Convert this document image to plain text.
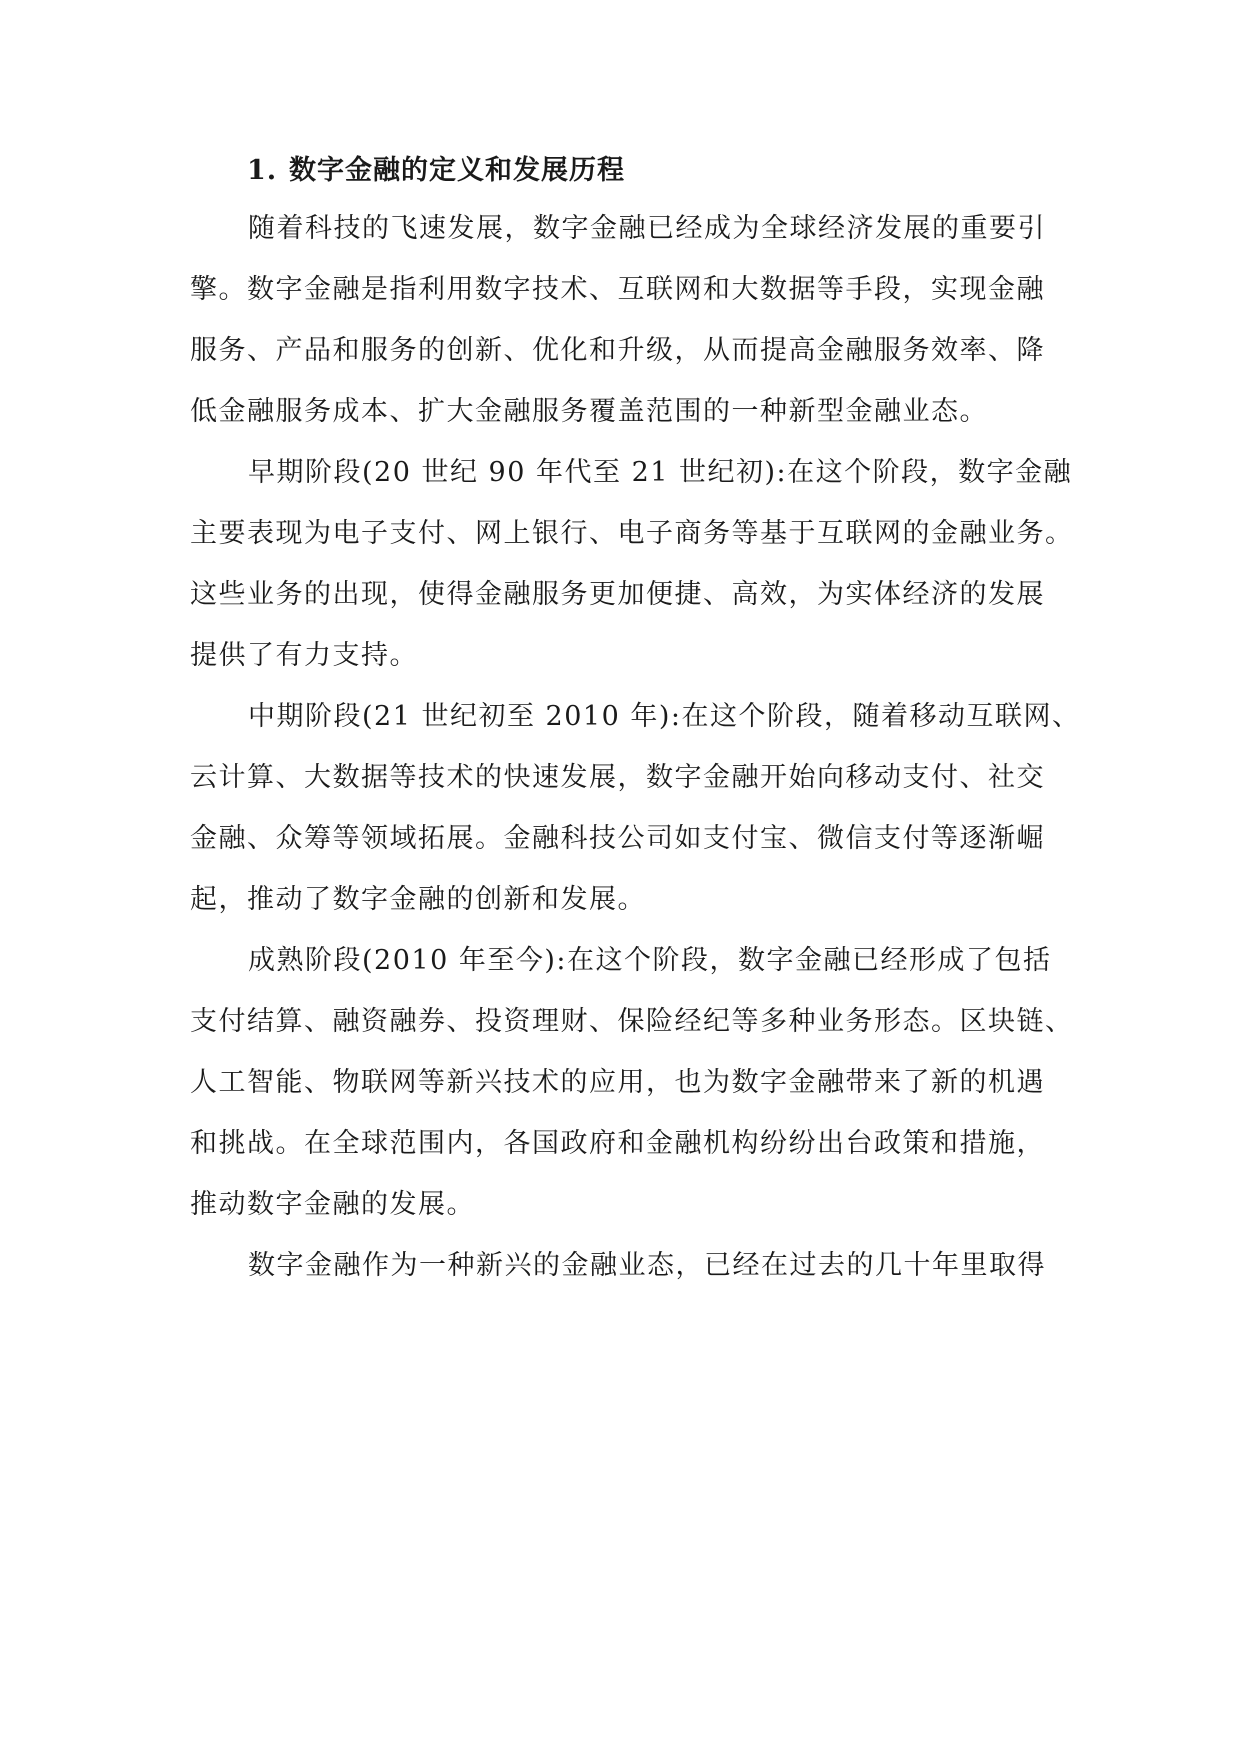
1. 数字金融的定义和发展历程
随着科技的飞速发展，数字金融已经成为全球经济发展的重要引
擎。数字金融是指利用数字技术、互联网和大数据等手段，实现金融
服务、产品和服务的创新、优化和升级，从而提高金融服务效率、降
低金融服务成本、扩大金融服务覆盖范围的一种新型金融业态。
早期阶段(20 世纪 90 年代至 21 世纪初):在这个阶段，数字金融
主要表现为电子支付、网上银行、电子商务等基于互联网的金融业务。
这些业务的出现，使得金融服务更加便捷、高效，为实体经济的发展
提供了有力支持。
中期阶段(21 世纪初至 2010 年):在这个阶段，随着移动互联网、
云计算、大数据等技术的快速发展，数字金融开始向移动支付、社交
金融、众筹等领域拓展。金融科技公司如支付宝、微信支付等逐渐崛
起，推动了数字金融的创新和发展。
成熟阶段(2010 年至今):在这个阶段，数字金融已经形成了包括
支付结算、融资融券、投资理财、保险经纪等多种业务形态。区块链、
人工智能、物联网等新兴技术的应用，也为数字金融带来了新的机遇
和挑战。在全球范围内，各国政府和金融机构纷纷出台政策和措施，
推动数字金融的发展。
数字金融作为一种新兴的金融业态，已经在过去的几十年里取得
